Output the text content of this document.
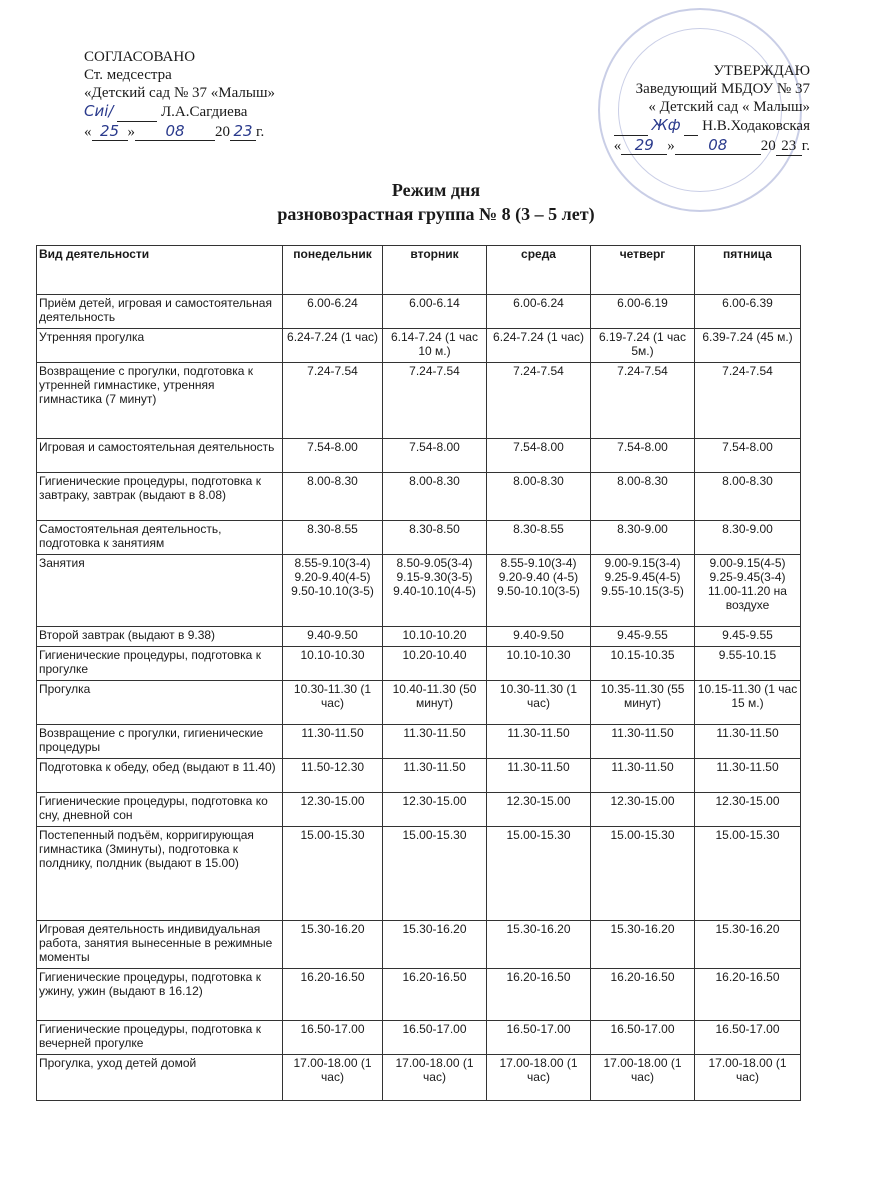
СОГЛАСОВАНО
Ст. медсестра
«Детский сад № 37 «Малыш»
Сиі/	Л.А.Сагдиева
« 25 » 08 20 23 г.
УТВЕРЖДАЮ
Заведующий МБДОУ № 37
« Детский сад « Малыш»
Жф Н.В.Ходаковская
« 29 » 08 20 23 г.
Режим дня
разновозрастная группа № 8 (3 – 5 лет)
Вид деятельности	понедельник	вторник	среда	четверг	пятница
Приём детей, игровая и самостоятельная деятельность	6.00-6.24	6.00-6.14	6.00-6.24	6.00-6.19	6.00-6.39
Утренняя прогулка	6.24-7.24 (1 час)	6.14-7.24 (1 час 10 м.)	6.24-7.24 (1 час)	6.19-7.24 (1 час 5м.)	6.39-7.24 (45 м.)
Возвращение с прогулки, подготовка к утренней гимнастике, утренняя гимнастика (7 минут)	7.24-7.54	7.24-7.54	7.24-7.54	7.24-7.54	7.24-7.54
Игровая и самостоятельная деятельность	7.54-8.00	7.54-8.00	7.54-8.00	7.54-8.00	7.54-8.00
Гигиенические процедуры, подготовка к завтраку, завтрак (выдают в 8.08)	8.00-8.30	8.00-8.30	8.00-8.30	8.00-8.30	8.00-8.30
Самостоятельная деятельность, подготовка к занятиям	8.30-8.55	8.30-8.50	8.30-8.55	8.30-9.00	8.30-9.00
Занятия	8.55-9.10(3-4) 9.20-9.40(4-5) 9.50-10.10(3-5)	8.50-9.05(3-4) 9.15-9.30(3-5) 9.40-10.10(4-5)	8.55-9.10(3-4) 9.20-9.40 (4-5) 9.50-10.10(3-5)	9.00-9.15(3-4) 9.25-9.45(4-5) 9.55-10.15(3-5)	9.00-9.15(4-5) 9.25-9.45(3-4) 11.00-11.20 на воздухе
Второй завтрак (выдают в 9.38)	9.40-9.50	10.10-10.20	9.40-9.50	9.45-9.55	9.45-9.55
Гигиенические процедуры, подготовка к прогулке	10.10-10.30	10.20-10.40	10.10-10.30	10.15-10.35	9.55-10.15
Прогулка	10.30-11.30 (1 час)	10.40-11.30 (50 минут)	10.30-11.30 (1 час)	10.35-11.30 (55 минут)	10.15-11.30 (1 час 15 м.)
Возвращение с прогулки, гигиенические процедуры	11.30-11.50	11.30-11.50	11.30-11.50	11.30-11.50	11.30-11.50
Подготовка к обеду, обед (выдают в 11.40)	11.50-12.30	11.30-11.50	11.30-11.50	11.30-11.50	11.30-11.50
Гигиенические процедуры, подготовка ко сну, дневной сон	12.30-15.00	12.30-15.00	12.30-15.00	12.30-15.00	12.30-15.00
Постепенный подъём, корригирующая гимнастика (3минуты), подготовка к полднику, полдник (выдают в 15.00)	15.00-15.30	15.00-15.30	15.00-15.30	15.00-15.30	15.00-15.30
Игровая деятельность индивидуальная работа, занятия вынесенные в режимные моменты	15.30-16.20	15.30-16.20	15.30-16.20	15.30-16.20	15.30-16.20
Гигиенические процедуры, подготовка к ужину, ужин (выдают в 16.12)	16.20-16.50	16.20-16.50	16.20-16.50	16.20-16.50	16.20-16.50
Гигиенические процедуры, подготовка к вечерней прогулке	16.50-17.00	16.50-17.00	16.50-17.00	16.50-17.00	16.50-17.00
Прогулка, уход детей домой	17.00-18.00 (1 час)	17.00-18.00 (1 час)	17.00-18.00 (1 час)	17.00-18.00 (1 час)	17.00-18.00 (1 час)
